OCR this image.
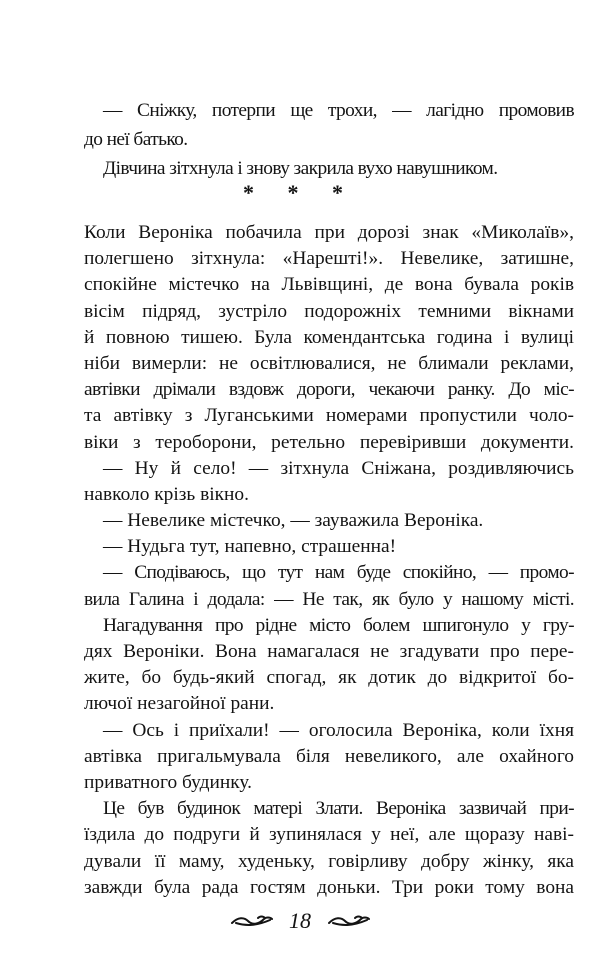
— Сніжку, потерпи ще трохи, — лагідно промовив
до неї батько.
Дівчина зітхнула і знову закрила вухо навушником.
* * *
Коли Вероніка побачила при дорозі знак «Миколаїв»,
полегшено зітхнула: «Нарешті!». Невелике, затишне,
спокійне містечко на Львівщині, де вона бувала років
вісім підряд, зустріло подорожніх темними вікнами
й повною тишею. Була комендантська година і вулиці
ніби вимерли: не освітлювалися, не блимали реклами,
автівки дрімали вздовж дороги, чекаючи ранку. До міс-
та автівку з Луганськими номерами пропустили чоло-
віки з тероборони, ретельно перевіривши документи.
— Ну й село! — зітхнула Сніжана, роздивляючись
навколо крізь вікно.
— Невелике містечко, — зауважила Вероніка.
— Нудьга тут, напевно, страшенна!
— Сподіваюсь, що тут нам буде спокійно, — промо-
вила Галина і додала: — Не так, як було у нашому місті.
Нагадування про рідне місто болем шпигонуло у гру-
дях Вероніки. Вона намагалася не згадувати про пере-
жите, бо будь-який спогад, як дотик до відкритої бо-
лючої незагойної рани.
— Ось і приїхали! — оголосила Вероніка, коли їхня
автівка пригальмувала біля невеликого, але охайного
приватного будинку.
Це був будинок матері Злати. Вероніка зазвичай при-
їздила до подруги й зупинялася у неї, але щоразу наві-
дували її маму, худеньку, говірливу добру жінку, яка
завжди була рада гостям доньки. Три роки тому вона
18
